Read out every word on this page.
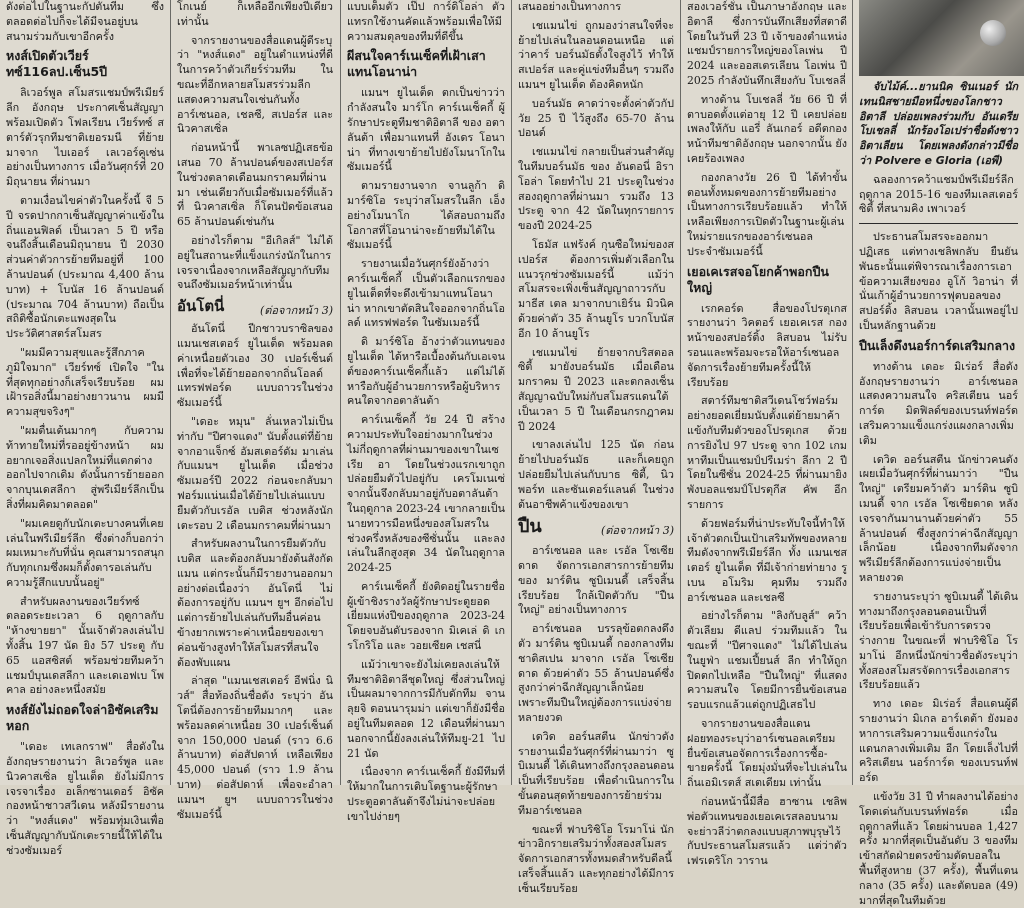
ดังต่อไปในฐานะกัปตันทีม ซึ่งตลอดต่อไปก็จะได้มีจนอยู่บนสนามร่วมกับเขาอีกครั้ง

หงส์เปิดตัวเวียร์ทซ์116ลป.เซ็น5ปี

ลิเวอร์พูล สโมสรแชมป์พรีเมียร์ลีก อังกฤษ ประกาศเซ็นสัญญา พร้อมเปิดตัว โฟลเรียน เวียร์ทซ์ สตาร์ตัวรุกทีมชาติเยอรมนี ที่ย้ายมาจาก ไบเออร์ เลเวอร์คูเซ่น อย่างเป็นทางการ เมื่อวันศุกร์ที่ 20 มิถุนายน ที่ผ่านมา

ตามเงื่อนไขค่าตัวในครั้งนี้ จี 5 ปี จรดปากกาเซ็นสัญญาค่าแข้งในถิ่นแอนฟิลด์ เป็นเวลา 5 ปี หรือจนถึงสิ้นเดือนมิถุนายน ปี 2030 ส่วนค่าตัวการย้ายทีมอยู่ที่ 100 ล้านปอนด์ (ประมาณ 4,400 ล้านบาท) + โบนัส 16 ล้านปอนด์ (ประมาณ 704 ล้านบาท) ถือเป็นสถิติซื้อนักเตะแพงสุดในประวัติศาสตร์สโมสร

"ผมมีความสุขและรู้สึกภาคภูมิใจมาก" เวียร์ทซ์ เปิดใจ "ในที่สุดทุกอย่างก็เสร็จเรียบร้อย ผมเฝ้ารอสิ่งนี้มาอย่างยาวนาน ผมมีความสุขจริงๆ"

"ผมตื่นเต้นมากๆ กับความท้าทายใหม่ที่รออยู่ข้างหน้า ผมอยากเจอสิ่งแปลกใหม่ที่แตกต่างออกไปจากเดิม ดังนั้นการย้ายออกจากบุนเดสลีกา สู่พรีเมียร์ลีกเป็นสิ่งที่ผมคิดมาตลอด"

"ผมเคยดูกับนักเตะบางคนที่เคยเล่นในพรีเมียร์ลีก ซึ่งต่างก็บอกว่าผมเหมาะกับที่นั่น คุณสามารถสนุกกับทุกเกมซึ่งผมก็ตั้งตารอเล่นกับความรู้สึกแบบนั้นอยู่"

สำหรับผลงานของเวียร์ทซ์ ตลอดระยะเวลา 6 ฤดูกาลกับ "ห้างขายยา" นั้นเจ้าตัวลงเล่นไปทั้งสิ้น 197 นัด ยิง 57 ประตู กับ 65 แอสซิสต์ พร้อมช่วยทีมคว้าแชมป์บุนเดสลีกา และเดเอฟเบ โพคาล อย่างละหนึ่งสมัย

หงส์ยังไม่ถอดใจล่าอิซัคเสริมหอก

"เดอะ เทเลกราฟ" สื่อดังในอังกฤษรายงานว่า ลิเวอร์พูล และนิวคาสเซิ่ล ยูไนเต็ด ยังไม่มีการเจรจาเรื่อง อเล็กซานเดอร์ อิซัค กองหน้าชาวสวีเดน หลังมีรายงานว่า "หงส์แดง" พร้อมทุ่มเงินเพื่อเซ็นสัญญากับนักเตะรายนี้ให้ได้ในช่วงซัมเมอร์

โกเนย์ ก็เหลืออีกเพียงปีเดียวเท่านั้น

จากรายงานของสื่อแดนผู้ดีระบุว่า "หงส์แดง" อยู่ในตำแหน่งที่ดีในการคว้าตัวเกียร์ร่วมทีม ในขณะที่อีกหลายสโมสรร่วมลีกแสดงความสนใจเช่นกันทั้ง อาร์เซนอล, เชลซี, สเปอร์ส และ นิวคาสเซิ่ล

ก่อนหน้านี้ พาเลซปฏิเสธข้อเสนอ 70 ล้านปอนด์ของสเปอร์ส ในช่วงตลาดเดือนมกราคมที่ผ่านมา เช่นเดียวกับเมื่อซัมเมอร์ที่แล้วที่ นิวคาสเซิ่ล ก็โดนปัดข้อเสนอ 65 ล้านปอนด์เช่นกัน

อย่างไรก็ตาม "อีเกิลส์" ไม่ได้อยู่ในสถานะที่แข็งแกร่งนักในการเจรจาเนื่องจากเหลือสัญญากับทีมจนถึงซัมเมอร์หน้าเท่านั้น

อันโตนี่	(ต่อจากหน้า 3)

อันโตนี่ ปีกชาวบราซิลของแมนเชสเตอร์ ยูไนเต็ด พร้อมลดค่าเหนื่อยตัวเอง 30 เปอร์เซ็นต์ เพื่อที่จะได้ย้ายออกจากถิ่นโอลด์ แทรฟฟอร์ด แบบถาวรในช่วงซัมเมอร์นี้

"เดอะ หมุน" ลั่นเหลวไม่เป็นท่ากับ "ปีศาจแดง" นับตั้งแต่ที่ย้ายจากอาแจ็กซ์ อัมสเตอร์ดัม มาเล่นกับแมนฯ ยูไนเต็ด เมื่อช่วงซัมเมอร์ปี 2022 ก่อนจะกลับมาฟอร์มแน่นเมื่อได้ย้ายไปเล่นแบบยืมตัวกับเรอัล เบติส ช่วงหลังนักเตะรอบ 2 เดือนมกราคมที่ผ่านมา

สำหรับผลงานในการยืมตัวกับเบติส และต้องกลับมายังต้นสังกัดแมน แต่กระนั้นก็มีรายงานออกมาอย่างต่อเนื่องว่า อันโตนี่ ไม่ต้องการอยู่กับ แมนฯ ยูฯ อีกต่อไป แต่การย้ายไปเล่นกับทีมอื่นค่อนข้างยากเพราะค่าเหนื่อยของเขาค่อนข้างสูงทำให้สโมสรที่สนใจต้องพับแผน

ล่าสุด "แมนเชสเตอร์ อีฟนิ่ง นิวส์" สื่อท้องถิ่นชื่อดัง ระบุว่า อันโตนี่ต้องการย้ายทีมมากๆ และพร้อมลดค่าเหนื่อย 30 เปอร์เซ็นต์ จาก 150,000 ปอนด์ (ราว 6.6 ล้านบาท) ต่อสัปดาห์ เหลือเพียง 45,000 ปอนด์ (ราว 1.9 ล้านบาท) ต่อสัปดาห์ เพื่อจะอำลา แมนฯ ยูฯ แบบถาวรในช่วงซัมเมอร์นี้

แบบเต็มตัว เป๊ป การ์ดิโอล่า ตัวแทรกใช้งานคัดแล้วพร้อมเพื่อให้มีความสมดุลของทีมที่ดีขึ้น

ผีสนใจคาร์เนเซ็คที่เฝ้าเสาแทนโอนาน่า

แมนฯ ยูไนเต็ด ตกเป็นข่าวว่ากำลังสนใจ มาร์โก คาร์เนเซ็คกี้ ผู้รักษาประตูทีมชาติอิตาลี ของ อตาลันต้า เพื่อมาแทนที่ อังเดร โอนาน่า ที่ทางเขาย้ายไปยังโมนาโกในซัมเมอร์นี้

ตามรายงานจาก จานลูก้า ดิ มาร์ซิโอ ระบุว่าสโมสรในลีก เอ็ง อย่างโมนาโก ได้สอบถามถึงโอกาสที่โอนาน่าจะย้ายทีมได้ในซัมเมอร์นี้

รายงานเมื่อวันศุกร์ยังอ้างว่า คาร์เนเซ็คกี้ เป็นตัวเลือกแรกของยูไนเต็ดที่จะดึงเข้ามาแทนโอนาน่า หากเขาตัดสินใจออกจากถิ่นโอลด์ แทรฟฟอร์ด ในซัมเมอร์นี้

ดิ มาร์ซิโอ อ้างว่าตัวแทนของยูไนเต็ด ได้หารือเบื้องต้นกับเอเจนต์ของคาร์เนเซ็คกี้แล้ว แต่ไม่ได้หารือกับผู้อำนวยการหรือผู้บริหารคนใดจากอตาลันต้า

คาร์เนเซ็คกี้ วัย 24 ปี สร้างความประทับใจอย่างมากในช่วงไม่กี่ฤดูกาลที่ผ่านมาของเขาในเซเรีย อา โดยในช่วงแรกเขาถูกปล่อยยืมตัวไปอยู่กับ เครโมเนเซ่ จากนั้นจึงกลับมาอยู่กับอตาลันต้า ในฤดูกาล 2023-24 เขากลายเป็นนายทวารมือหนึ่งของสโมสรในช่วงครึ่งหลังของซีซั่นนั้น และลงเล่นในลีกสูงสุด 34 นัดในฤดูกาล 2024-25

คาร์เนเซ็คกี้ ยังติดอยู่ในรายชื่อผู้เข้าชิงรางวัลผู้รักษาประตูยอดเยี่ยมแห่งปีของฤดูกาล 2023-24 โดยจบอันดับรองจาก มิเคเล่ ดิ เกรโกริโอ และ วอยเซียค เชสนี่

แม้ว่าเขาจะยังไม่เคยลงเล่นให้ทีมชาติอิตาลีชุดใหญ่ ซึ่งส่วนใหญ่เป็นผลมาจากการมีกับดักทีม จานลุยจิ ดอนนารุมม่า แต่เขาก็ยังมีชื่ออยู่ในทีมตลอด 12 เดือนที่ผ่านมา นอกจากนี้ยังลงเล่นให้ทีมยู-21 ไป 21 นัด

เนื่องจาก คาร์เนเซ็คกี้ ยังมีทีมที่ให้มากในการเติบโตฐานะผู้รักษาประตูอตาลันต้าจึงไม่น่าจะปล่อยเขาไปง่ายๆ

เสนออย่างเป็นทางการ

เชแมนไข่ ถูกมองว่าสนใจที่จะย้ายไปเล่นในลอนดอนเหนือ แต่ว่าคาร์ บอร์นมัธตั้งใจสูงไว้ ทำให้ สเปอร์ส และคู่แข่งทีมอื่นๆ รวมถึงแมนฯ ยูไนเต็ด ต้องคิดหนัก

บอร์นมัธ คาดว่าจะตั้งค่าตัวกัปวัย 25 ปี ไว้สูงถึง 65-70 ล้านปอนด์

เชแมนไข่ กลายเป็นส่วนสำคัญในทีมบอร์นมัธ ของ อันดอนี่ อิราโอล่า โดยทำไป 21 ประตูในช่วงสองฤดูกาลที่ผ่านมา รวมถึง 13 ประตู จาก 42 นัดในทุกรายการของปี 2024-25

โธมัส แฟร้งค์ กุนซือใหม่ของสเปอร์ส ต้องการเพิ่มตัวเลือกในแนวรุกช่วงซัมเมอร์นี้ แม้ว่าสโมสรจะเพิ่งเซ็นสัญญาถาวรกับ มาธีส เตล มาจากบาเยิร์น มิวนิค ด้วยค่าตัว 35 ล้านยูโร บวกโบนัสอีก 10 ล้านยูโร

เชแมนไข่ ย้ายจากบริสตอล ซิตี้ มายังบอร์นมัธ เมื่อเดือนมกราคม ปี 2023 และตกลงเซ็นสัญญาฉบับใหม่กับสโมสรแดนใต้เป็นเวลา 5 ปี ในเดือนกรกฎาคม ปี 2024

เขาลงเล่นไป 125 นัด ก่อนย้ายไปบอร์นมัธ และก็เคยถูกปล่อยยืมไปเล่นกับบาธ ซิตี้, นิวพอร์ท และซันเดอร์แลนด์ ในช่วงต้นอาชีพค้าแข้งของเขา

ปืน	(ต่อจากหน้า 3)

อาร์เซนอล และ เรอัล โซเซียดาด จัดการเอกสารการย้ายทีมของ มาร์ติน ซูบิเมนดี้ เสร็จสิ้นเรียบร้อย ใกล้เปิดตัวกับ "ปืนใหญ่" อย่างเป็นทางการ

อาร์เซนอล บรรลุข้อตกลงดึงตัว มาร์ติน ซูบิเมนดี้ กองกลางทีมชาติสเปน มาจาก เรอัล โซเซียดาด ด้วยค่าตัว 55 ล้านปอนด์ซึ่งสูงกว่าค่าฉีกสัญญาเล็กน้อย เพราะทีมปืนใหญ่ต้องการแบ่งจ่ายหลายงวด

เดวิด ออร์นสตีน นักข่าวดังรายงานเมื่อวันศุกร์ที่ผ่านมาว่า ซูบิเมนดี้ ได้เดินทางถึงกรุงลอนดอนเป็นที่เรียบร้อย เพื่อดำเนินการในขั้นตอนสุดท้ายของการย้ายร่วมทีมอาร์เซนอล

ขณะที่ ฟาบริซิโอ โรมาโน่ นักข่าวอิกรายเสริมว่าทั้งสองสโมสรจัดการเอกสารทั้งหมดสำหรับดีลนี้เสร็จสิ้นแล้ว และทุกอย่างได้มีการเซ็นเรียบร้อย

สองเวอร์ชั่น เป็นภาษาอังกฤษ และอิตาลี ซึ่งการบันทึกเสียงที่สตาดี โดยในวันที่ 23 ปี เจ้าของตำแหน่งแชมป์รายการใหญ่ของโลเพ่น ปี 2024 และออสเตรเลียน โอเพ่น ปี 2025 กำลังบันทึกเสียงกับ โบเชลลี่

ทางด้าน โบเชลลี่ วัย 66 ปี ที่ตาบอดตั้งแต่อายุ 12 ปี เคยปล่อยเพลงให้กับ แอรี่ ลันเกอร์ อดีตกองหน้าทีมชาติอังกฤษ นอกจากนั้น ยังเคยร้องเพลง

กองกลางวัย 26 ปี ได้ทำขั้นตอนทั้งหมดของการย้ายทีมอย่างเป็นทางการเรียบร้อยแล้ว ทำให้เหลือเพียงการเปิดตัวในฐานะผู้เล่นใหม่รายแรกของอาร์เซนอล ประจำซัมเมอร์นี้

เยอเคเรสจอโยกค้าพอกปืนใหญ่

เรกคอร์ด สื่อของโปรตุเกสรายงานว่า วิคตอร์ เยอเคเรส กองหน้าของสปอร์ติ้ง ลิสบอน ไม่รับรอนและพร้อมจะรอให้อาร์เซนอลจัดการเรื่องย้ายทีมครั้งนี้ให้เรียบร้อย

สตาร์ทีมชาติสวีเดนโชว์ฟอร์มอย่างยอดเยี่ยมนับตั้งแต่ย้ายมาค้าแข้งกับทีมตัวของโปรตุเกส ด้วยการยิงไป 97 ประตู จาก 102 เกม หาทีมเป็นแชมป์ปรีเมร่า ลีกา 2 ปี โดยในซีซั่น 2024-25 ที่ผ่านมายิงพังบอลแชมป์โปรตุกีส คัพ อีกรายการ

ด้วยฟอร์มที่น่าประทับใจนี้ทำให้เจ้าตัวตกเป็นเป้าเสริมทัพของหลายทีมดังจากพรีเมียร์ลีก ทั้ง แมนเชสเตอร์ ยูไนเต็ด ที่มีเจ้าก่ายท่ายาง รูเบน อโมริม คุมทีม รวมถึงอาร์เซนอล และเชลซี

อย่างไรก็ตาม "ลิงกับลูส์" คว้าตัวเลียม ดีแลป ร่วมทีมแล้ว ในขณะที่ "ปีศาจแดง" ไม่ได้ไปเล่นในยูฟ่า แชมเปี้ยนส์ ลีก ทำให้ถูกปิดตกไปเหลือ "ปืนใหญ่" ที่แสดงความสนใจ โดยมีการยื่นข้อเสนอรอบแรกแล้วแต่ถูกปฏิเสธไป

จากรายงานของสื่อแดนฝอยทองระบุว่าอาร์เซนอลเตรียมยื่นข้อเสนอจัดการเรื่องการซื้อ-ขายครั้งนี้ โดยมุ่งมั่นที่จะไปเล่นในถิ่นเอมิเรตส์ สเตเดียม เท่านั้น

ก่อนหน้านี้มีสื่อ ฮาซาน เชลิพ พ่อตัวแทนของเยอเคเรสลอบนามจะย่าวลีว่าตกลงแบบสุภาพบุรุษไว้กับประธานสโมสรแล้ว แต่ว่าตัว เฟรเดริโก วาราน

จับไม้ค์...ยานนิค ซินเนอร์ นักเทนนิสชายมือหนึ่งของโลกชาวอิตาลี ปล่อยเพลงร่วมกับ อันเดรีย โบเชลลี่ นักร้องโอเปร่าชื่อดังชาวอิตาเลียน โดยเพลงดังกล่าวมีชื่อว่า Polvere e Gloria (เอพี)

ฉลองการคว้าแชมป์พรีเมียร์ลีกฤดูกาล 2015-16 ของทีมเลสเตอร์ ซิตี้ ที่สนามคิง เพาเวอร์

ประธานสโมสรจะออกมาปฏิเสธ แต่ทางเชลิพกลับ ยืนยันพันธะนั้นแต่พิจารณาเรื่องการเอาข้อความเสียงของ อูโก้ วิอาน่า ที่นั่นเก้าผู้อำนวยการฟุตบอลของสปอร์ติ้ง ลิสบอน เวลานั้นเพอยู่ไปเป็นหลักฐานด้วย

ปืนเล็งดึงนอร์การ์ดเสริมกลาง

ทางด้าน เดอะ มิเร่อร์ สื่อดังอังกฤษรายงานว่า อาร์เซนอล แสดงความสนใจ คริสเตียน นอร์การ์ด มิดฟิลด์ของเบรนท์ฟอร์ด เสริมความแข็งแกร่งแผงกลางเพิ่มเติม

เดวิด ออร์นสตีน นักข่าวคนดังเผยเมื่อวันศุกร์ที่ผ่านมาว่า "ปืนใหญ่" เตรียมคว้าตัว มาร์ติน ซูบิเมนดี้ จาก เรอัล โซเซียดาด หลังเจรจากันมานานด้วยค่าตัว 55 ล้านปอนด์ ซึ่งสูงกว่าค่าฉีกสัญญาเล็กน้อย เนื่องจากทีมดังจากพรีเมียร์ลีกต้องการแบ่งจ่ายเป็นหลายงวด

รายงานระบุว่า ซูบิเมนดี้ ได้เดินทางมาถึงกรุงลอนดอนเป็นที่เรียบร้อยเพื่อเข้ารับการตรวจร่างกาย ในขณะที่ ฟาบริซิโอ โรมาโน่ อีกหนึ่งนักข่าวชื่อดังระบุว่าทั้งสองสโมสรจัดการเรื่องเอกสารเรียบร้อยแล้ว

ทาง เดอะ มิเร่อร์ สื่อแดนผู้ดีรายงานว่า มิเกล อาร์เตต้า ยังมองหาการเสริมความแข็งแกร่งในแดนกลางเพิ่มเติม อีก โดยเล็งไปที่ คริสเตียน นอร์การ์ด ของเบรนท์ฟอร์ด

แข้งวัย 31 ปี ทำผลงานได้อย่างโดดเด่นกับเบรนท์ฟอร์ด เมื่อฤดูกาลที่แล้ว โดยผ่านบอล 1,427 ครั้ง มากที่สุดเป็นอันดับ 3 ของทีม เข้าสกัดฝ่ายตรงข้ามตัดบอลในพื้นที่สูงหาย (37 ครั้ง), พื้นที่แตนกลาง (35 ครั้ง) และตัดบอล (49) มากที่สุดในทีมด้วย
